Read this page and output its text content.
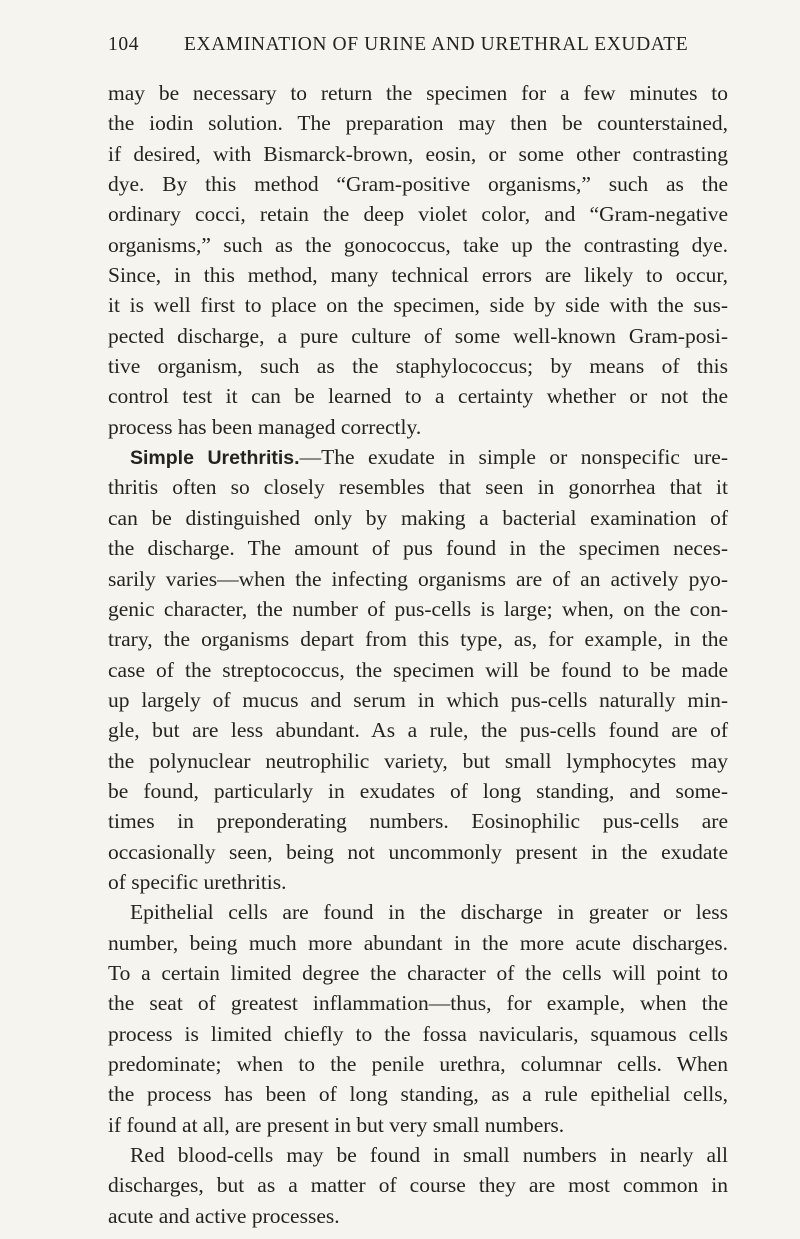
104 EXAMINATION OF URINE AND URETHRAL EXUDATE
may be necessary to return the specimen for a few minutes to
the iodin solution. The preparation may then be counterstained,
if desired, with Bismarck-brown, eosin, or some other contrasting
dye. By this method “Gram-positive organisms,” such as the
ordinary cocci, retain the deep violet color, and “Gram-negative
organisms,” such as the gonococcus, take up the contrasting dye.
Since, in this method, many technical errors are likely to occur,
it is well first to place on the specimen, side by side with the sus-
pected discharge, a pure culture of some well-known Gram-posi-
tive organism, such as the staphylococcus; by means of this
control test it can be learned to a certainty whether or not the
process has been managed correctly.
Simple Urethritis.—The exudate in simple or nonspecific ure-
thritis often so closely resembles that seen in gonorrhea that it
can be distinguished only by making a bacterial examination of
the discharge. The amount of pus found in the specimen neces-
sarily varies—when the infecting organisms are of an actively pyo-
genic character, the number of pus-cells is large; when, on the con-
trary, the organisms depart from this type, as, for example, in the
case of the streptococcus, the specimen will be found to be made
up largely of mucus and serum in which pus-cells naturally min-
gle, but are less abundant. As a rule, the pus-cells found are of
the polynuclear neutrophilic variety, but small lymphocytes may
be found, particularly in exudates of long standing, and some-
times in preponderating numbers. Eosinophilic pus-cells are
occasionally seen, being not uncommonly present in the exudate
of specific urethritis.
Epithelial cells are found in the discharge in greater or less
number, being much more abundant in the more acute discharges.
To a certain limited degree the character of the cells will point to
the seat of greatest inflammation—thus, for example, when the
process is limited chiefly to the fossa navicularis, squamous cells
predominate; when to the penile urethra, columnar cells. When
the process has been of long standing, as a rule epithelial cells,
if found at all, are present in but very small numbers.
Red blood-cells may be found in small numbers in nearly all
discharges, but as a matter of course they are most common in
acute and active processes.
